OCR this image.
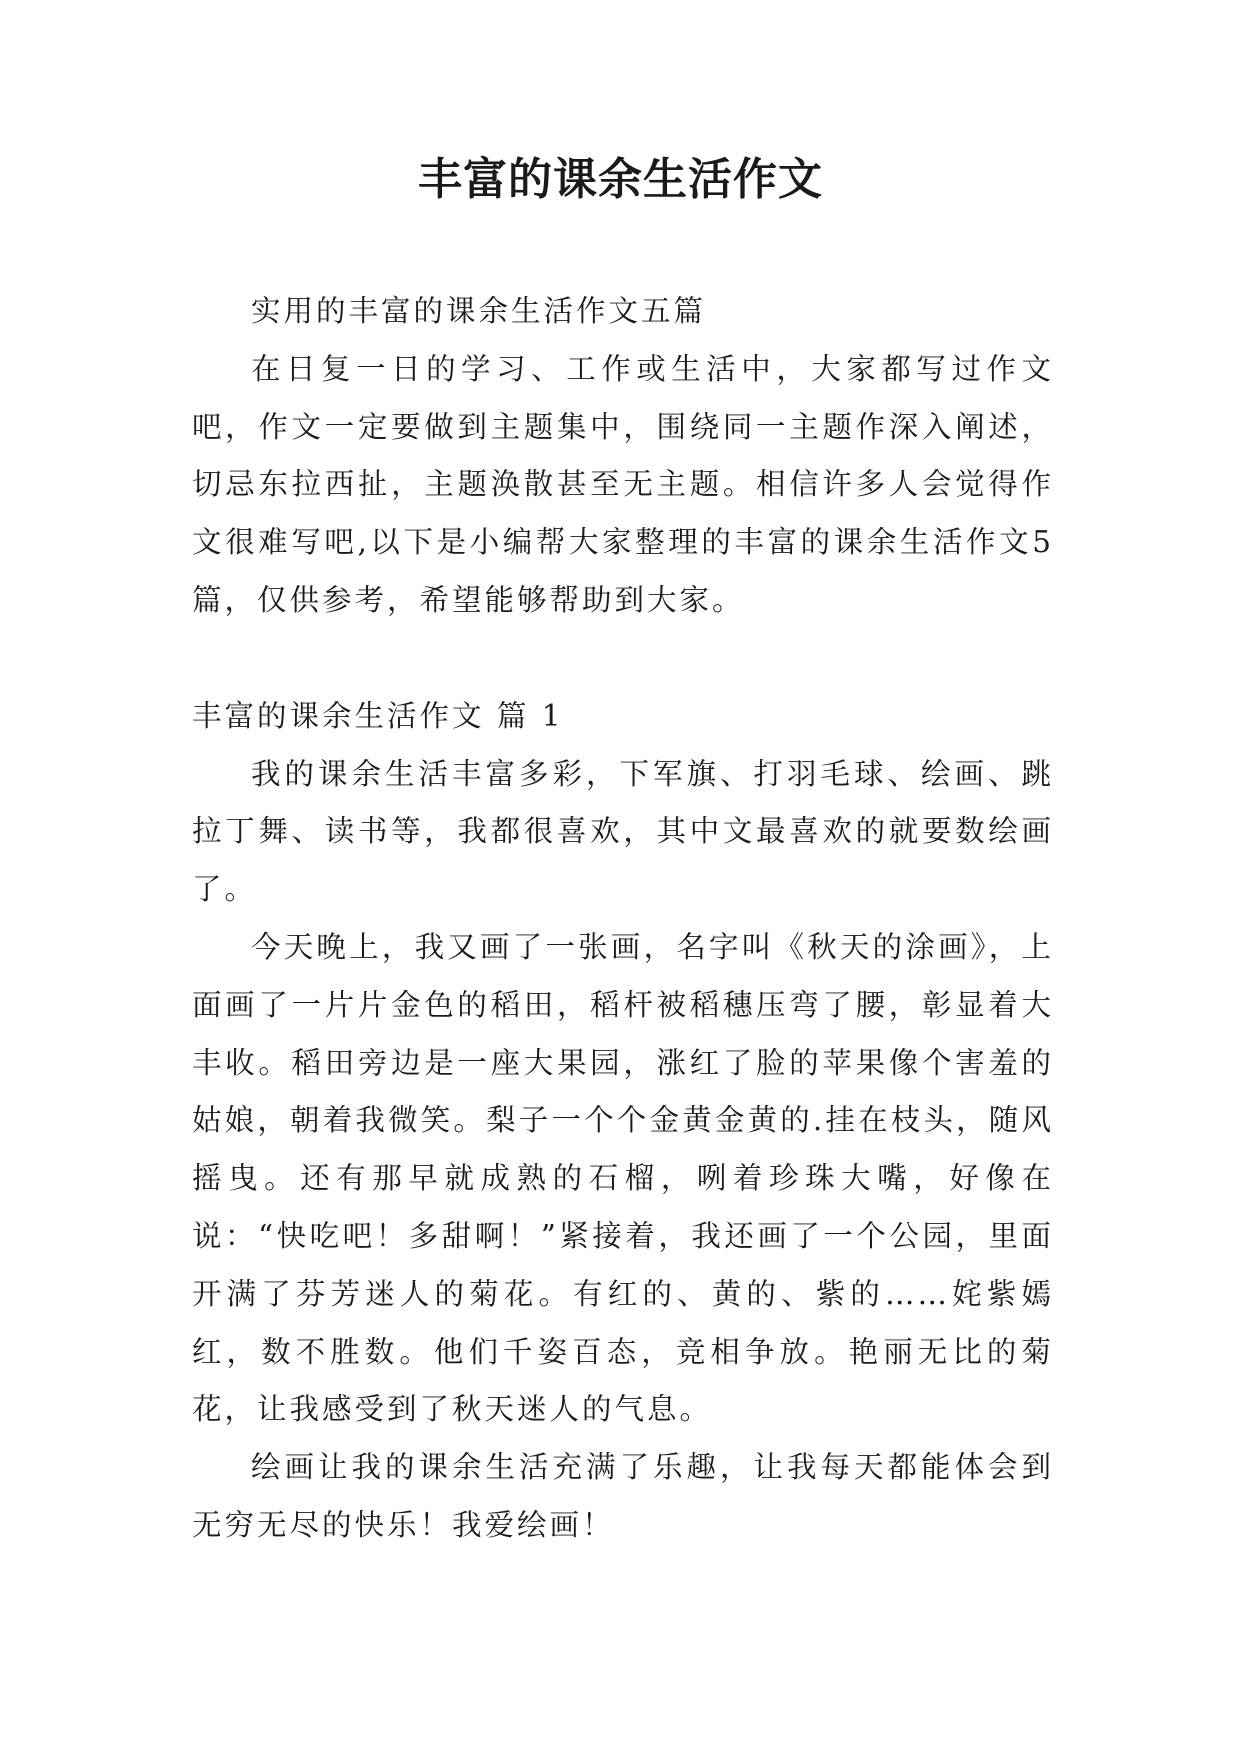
丰富的课余生活作文

实用的丰富的课余生活作文五篇

在日复一日的学习、工作或生活中，大家都写过作文吧，作文一定要做到主题集中，围绕同一主题作深入阐述，切忌东拉西扯，主题涣散甚至无主题。相信许多人会觉得作文很难写吧,以下是小编帮大家整理的丰富的课余生活作文5篇，仅供参考，希望能够帮助到大家。

丰富的课余生活作文 篇 1

我的课余生活丰富多彩，下军旗、打羽毛球、绘画、跳拉丁舞、读书等，我都很喜欢，其中文最喜欢的就要数绘画了。

今天晚上，我又画了一张画，名字叫《秋天的涂画》，上面画了一片片金色的稻田，稻杆被稻穗压弯了腰，彰显着大丰收。稻田旁边是一座大果园，涨红了脸的苹果像个害羞的姑娘，朝着我微笑。梨子一个个金黄金黄的.挂在枝头，随风摇曳。还有那早就成熟的石榴，咧着珍珠大嘴，好像在说：“快吃吧！多甜啊！”紧接着，我还画了一个公园，里面开满了芬芳迷人的菊花。有红的、黄的、紫的……姹紫嫣红，数不胜数。他们千姿百态，竞相争放。艳丽无比的菊花，让我感受到了秋天迷人的气息。

绘画让我的课余生活充满了乐趣，让我每天都能体会到无穷无尽的快乐！我爱绘画！
